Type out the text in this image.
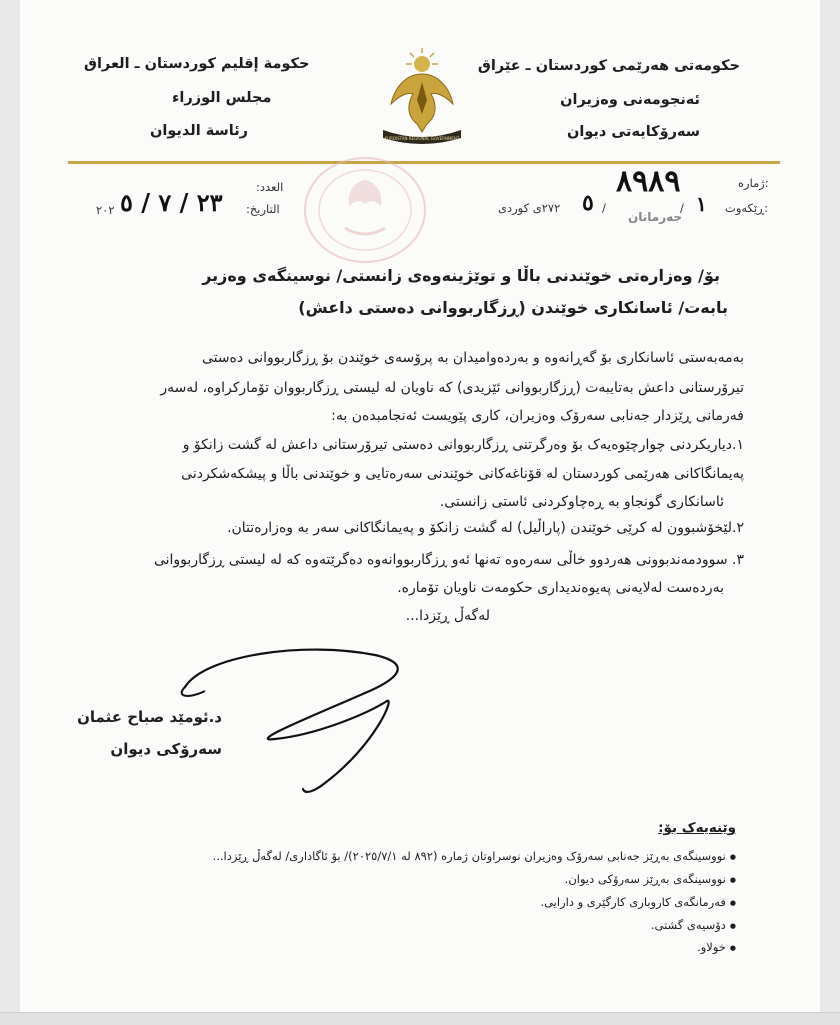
حکومەتی هەرێمی کوردستان ـ عێراق
ئەنجومەنی وەزیران
سەرۆکایەتی دیوان
حكومة إقليم كوردستان ـ العراق
مجلس الوزراء
رئاسة الديوان	KURDISTAN REGIONAL GOVERNMENT
ژمارە:
ڕێکەوت:
٨٩٨٩
١
/
جەرمانان
/
٥
٢٧٢ی کوردی
العدد:
التاريخ:
٢٣ / ٧ / ٥
٢٠٢
بۆ/ وەزارەتی خوێندنی باڵا و توێژینەوەی زانستی/ نوسینگەی وەزیر
بابەت/ ئاسانکاری خوێندن (ڕزگاربووانی دەستی داعش)
بەمەبەستی ئاسانکاری بۆ گەڕانەوە و بەردەوامیدان بە پرۆسەی خوێندن بۆ ڕزگاربووانی دەستی
تیرۆرستانی داعش بەتایبەت (ڕزگاربووانی ئێزیدی) کە ناویان لە لیستی ڕزگاربووان تۆمارکراوە، لەسەر
فەرمانی ڕێزدار جەنابی سەرۆک وەزیران، کاری پێویست ئەنجامبدەن بە:
١.دیاریکردنی چوارچێوەیەک بۆ وەرگرتنی ڕزگاربووانی دەستی تیرۆرستانی داعش لە گشت زانکۆ و
پەیمانگاکانی هەرێمی کوردستان لە قۆناغەکانی خوێندنی سەرەتایی و خوێندنی باڵا و پیشکەشکردنی
ئاسانکاری گونجاو بە ڕەچاوکردنی ئاستی زانستی.
٢.لێخۆشبوون لە کرێی خوێندن (پاراڵیل) لە گشت زانکۆ و پەیمانگاکانی سەر بە وەزارەتتان.
٣. سوودمەندبوونی هەردوو خاڵی سەرەوە تەنها ئەو ڕزگاربووانەوە دەگرێتەوە کە لە لیستی ڕزگاربووانی
بەردەست لەلایەنی پەیوەندیداری حکومەت ناویان تۆمارە.
لەگەڵ ڕێزدا...
د.ئومێد صباح عثمان
سەرۆکی دیوان
وێنەیەک بۆ:
● نووسینگەی بەڕێز جەنابی سەرۆک وەزیران نوسراوتان ژمارە (٨٩٢ لە ٢٠٢٥/٧/١)/ بۆ ئاگاداری/ لەگەڵ ڕێزدا...
● نووسینگەی بەڕێز سەرۆکی دیوان.
● فەرمانگەی کاروباری کارگێری و دارایی.
● دۆسیەی گشتی.
● خولاو.
